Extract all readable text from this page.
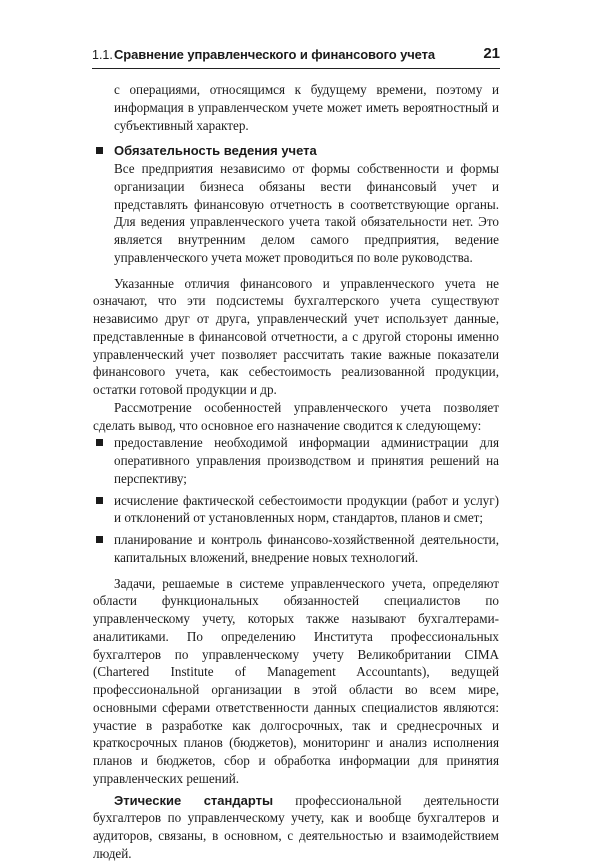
1.1. Сравнение управленческого и финансового учета	21

с операциями, относящимся к будущему времени, поэтому и информация в управленческом учете может иметь вероятностный и субъективный характер.

Обязательность ведения учета

Все предприятия независимо от формы собственности и формы организации бизнеса обязаны вести финансовый учет и представлять финансовую отчетность в соответствующие органы. Для ведения управленческого учета такой обязательности нет. Это является внутренним делом самого предприятия, ведение управленческого учета может проводиться по воле руководства.

Указанные отличия финансового и управленческого учета не означают, что эти подсистемы бухгалтерского учета существуют независимо друг от друга, управленческий учет использует данные, представленные в финансовой отчетности, а с другой стороны именно управленческий учет позволяет рассчитать такие важные показатели финансового учета, как себестоимость реализованной продукции, остатки готовой продукции и др.

Рассмотрение особенностей управленческого учета позволяет сделать вывод, что основное его назначение сводится к следующему:

предоставление необходимой информации администрации для оперативного управления производством и принятия решений на перспективу;

исчисление фактической себестоимости продукции (работ и услуг) и отклонений от установленных норм, стандартов, планов и смет;

планирование и контроль финансово-хозяйственной деятельности, капитальных вложений, внедрение новых технологий.

Задачи, решаемые в системе управленческого учета, определяют области функциональных обязанностей специалистов по управленческому учету, которых также называют бухгалтерами-аналитиками. По определению Института профессиональных бухгалтеров по управленческому учету Великобритании CIMA (Chartered Institute of Management Accountants), ведущей профессиональной организации в этой области во всем мире, основными сферами ответственности данных специалистов являются: участие в разработке как долгосрочных, так и среднесрочных и краткосрочных планов (бюджетов), мониторинг и анализ исполнения планов и бюджетов, сбор и обработка информации для принятия управленческих решений.

Этические стандарты профессиональной деятельности бухгалтеров по управленческому учету, как и вообще бухгалтеров и аудиторов, связаны, в основном, с деятельностью и взаимодействием людей.
